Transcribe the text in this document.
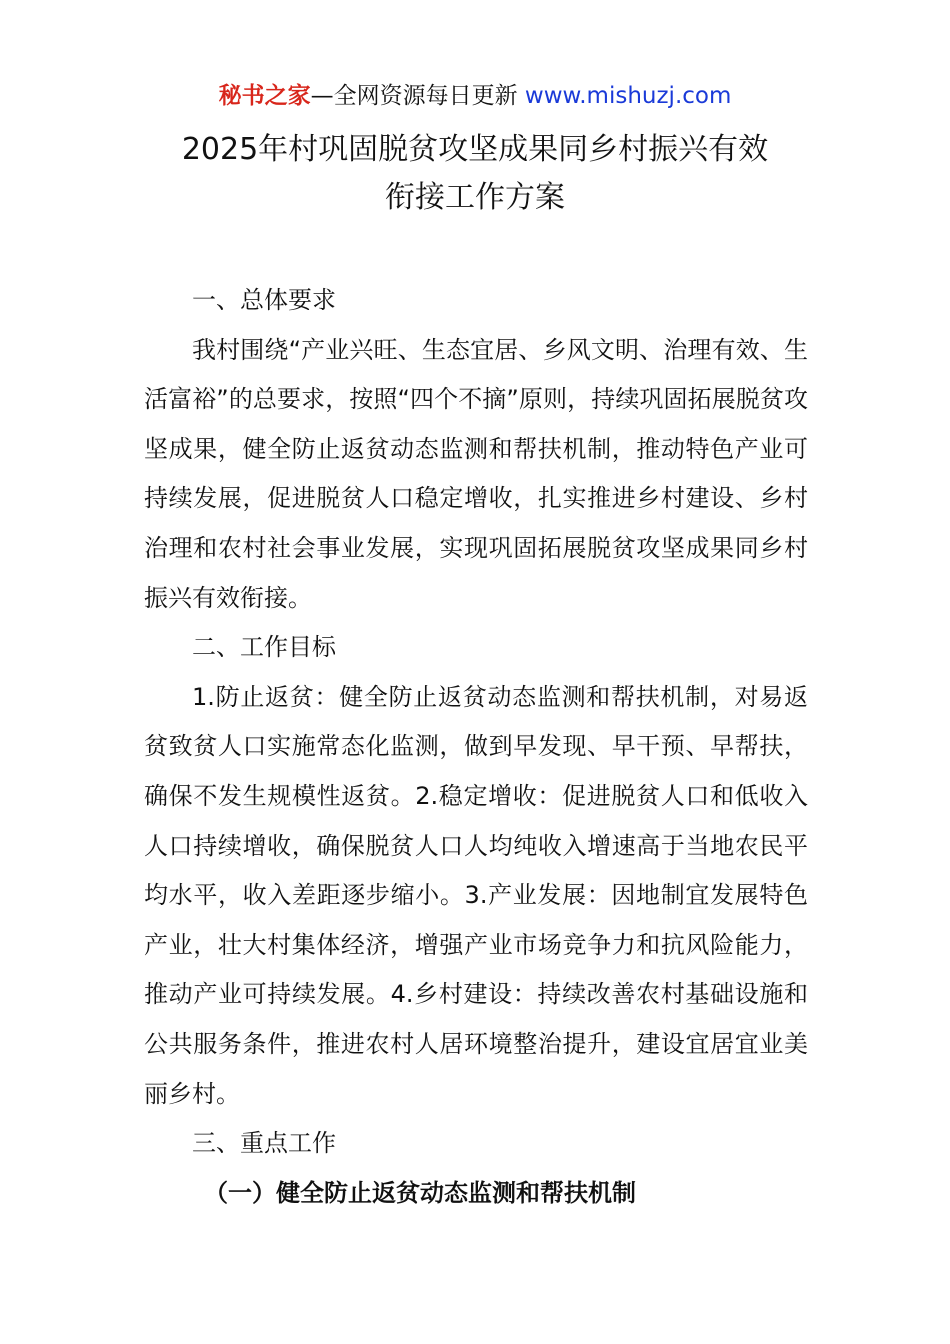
秘书之家—全网资源每日更新 www.mishuzj.com
2025年村巩固脱贫攻坚成果同乡村振兴有效
衔接工作方案

一、总体要求

我村围绕“产业兴旺、生态宜居、乡风文明、治理有效、生活富裕”的总要求，按照“四个不摘”原则，持续巩固拓展脱贫攻坚成果，健全防止返贫动态监测和帮扶机制，推动特色产业可持续发展，促进脱贫人口稳定增收，扎实推进乡村建设、乡村治理和农村社会事业发展，实现巩固拓展脱贫攻坚成果同乡村振兴有效衔接。

二、工作目标

1.防止返贫：健全防止返贫动态监测和帮扶机制，对易返贫致贫人口实施常态化监测，做到早发现、早干预、早帮扶，确保不发生规模性返贫。2.稳定增收：促进脱贫人口和低收入人口持续增收，确保脱贫人口人均纯收入增速高于当地农民平均水平，收入差距逐步缩小。3.产业发展：因地制宜发展特色产业，壮大村集体经济，增强产业市场竞争力和抗风险能力，推动产业可持续发展。4.乡村建设：持续改善农村基础设施和公共服务条件，推进农村人居环境整治提升，建设宜居宜业美丽乡村。

三、重点工作

（一）健全防止返贫动态监测和帮扶机制
